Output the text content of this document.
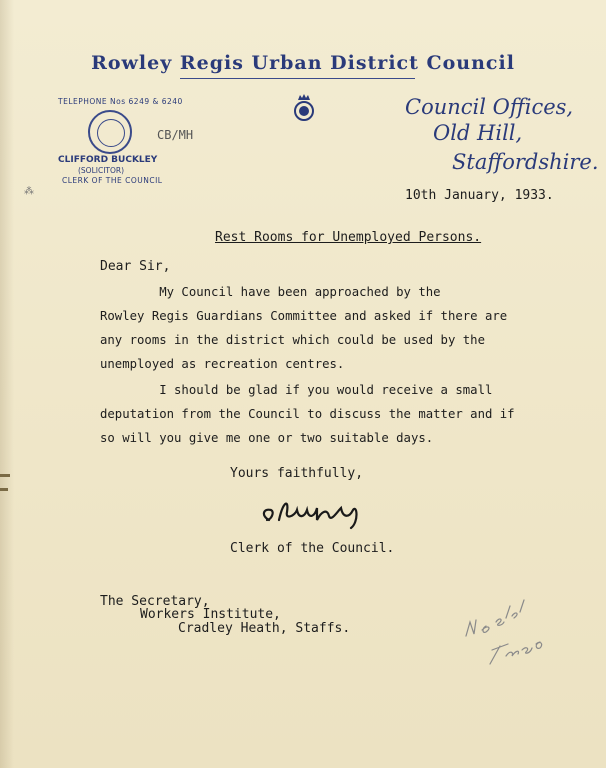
Rowley Regis Urban District Council
TELEPHONE Nos 6249 & 6240
CB/MH
CLIFFORD BUCKLEY
(SOLICITOR)
CLERK OF THE COUNCIL
Council Offices,
Old Hill,
Staffordshire.
10th January, 1933.
Rest Rooms for Unemployed Persons.
Dear Sir,
My Council have been approached by the
Rowley Regis Guardians Committee and asked if there are
any rooms in the district which could be used by the
unemployed as recreation centres.
I should be glad if you would receive a small
deputation from the Council to discuss the matter and if
so will you give me one or two suitable days.
Yours faithfully,
Clerk of the Council.
The Secretary,
Workers Institute,
Cradley Heath, Staffs.
⁂
